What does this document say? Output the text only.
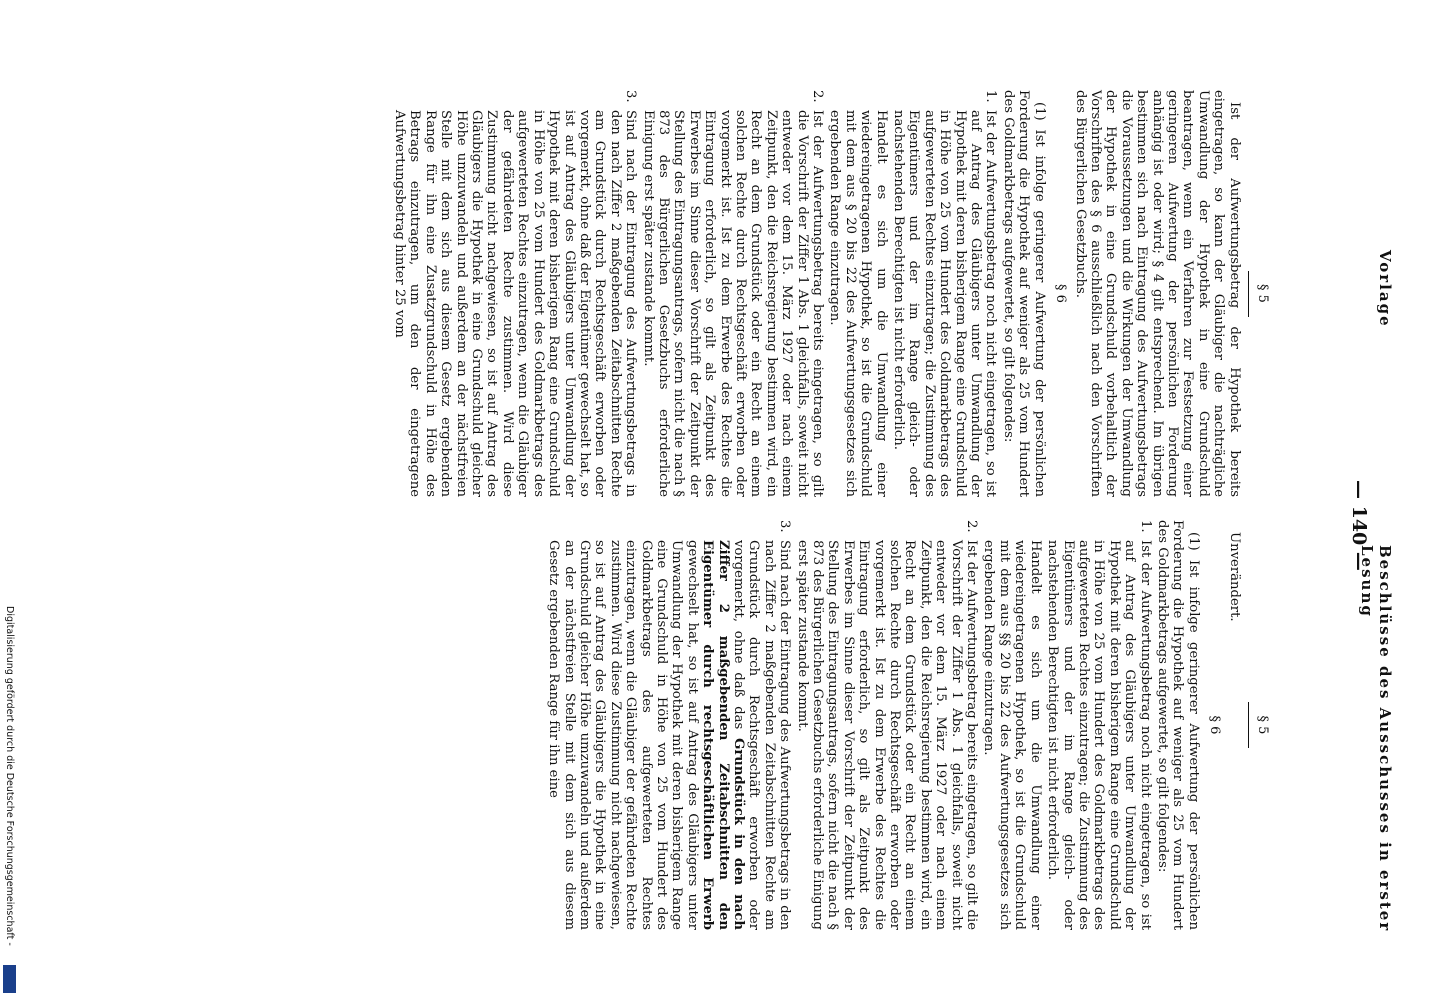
— 140 —
Vorlage
Beschlüsse des Ausschusses in erster Lesung
§ 5

Ist der Aufwertungsbetrag der Hypothek bereits eingetragen, so kann der Gläubiger die nachträgliche Umwandlung der Hypothek in eine Grundschuld beantragen, wenn ein Verfahren zur Festsetzung einer geringeren Aufwertung der persönlichen Forderung anhängig ist oder wird; § 4 gilt entsprechend. Im übrigen bestimmen sich nach Eintragung des Aufwertungsbetrags die Voraussetzungen und die Wirkungen der Umwandlung der Hypothek in eine Grundschuld vorbehaltlich der Vorschriften des § 6 ausschließlich nach den Vorschriften des Bürgerlichen Gesetzbuchs.

§ 6

(1) Ist infolge geringerer Aufwertung der persönlichen Forderung die Hypothek auf weniger als 25 vom Hundert des Goldmarkbetrags aufgewertet, so gilt folgendes:

1.
Ist der Aufwertungsbetrag noch nicht eingetragen, so ist auf Antrag des Gläubigers unter Umwandlung der Hypothek mit deren bisherigem Range eine Grundschuld in Höhe von 25 vom Hundert des Goldmarkbetrags des aufgewerteten Rechtes einzutragen; die Zustimmung des Eigentümers und der im Range gleich- oder nachstehenden Berechtigten ist nicht erforderlich.
Handelt es sich um die Umwandlung einer wiedereingetragenen Hypothek, so ist die Grundschuld mit dem aus § 20 bis 22 des Aufwertungsgesetzes sich ergebenden Range einzutragen.
2.
Ist der Aufwertungsbetrag bereits eingetragen, so gilt die Vorschrift der Ziffer 1 Abs. 1 gleichfalls, soweit nicht entweder vor dem 15. März 1927 oder nach einem Zeitpunkt, den die Reichsregierung bestimmen wird, ein Recht an dem Grundstück oder ein Recht an einem solchen Rechte durch Rechtsgeschäft erworben oder vorgemerkt ist. Ist zu dem Erwerbe des Rechtes die Eintragung erforderlich, so gilt als Zeitpunkt des Erwerbes im Sinne dieser Vorschrift der Zeitpunkt der Stellung des Eintragungsantrags, sofern nicht die nach § 873 des Bürgerlichen Gesetzbuchs erforderliche Einigung erst später zustande kommt.
3.
Sind nach der Eintragung des Aufwertungsbetrags in den nach Ziffer 2 maßgebenden Zeitabschnitten Rechte am Grundstück durch Rechtsgeschäft erworben oder vorgemerkt, ohne daß der Eigentümer gewechselt hat, so ist auf Antrag des Gläubigers unter Umwandlung der Hypothek mit deren bisherigem Rang eine Grundschuld in Höhe von 25 vom Hundert des Goldmarkbetrags des aufgewerteten Rechtes einzutragen, wenn die Gläubiger der gefährdeten Rechte zustimmen. Wird diese Zustimmung nicht nachgewiesen, so ist auf Antrag des Gläubigers die Hypothek in eine Grundschuld gleicher Höhe umzuwandeln und außerdem an der nächstfreien Stelle mit dem sich aus diesem Gesetz ergebenden Range für ihn eine Zusatzgrundschuld in Höhe des Betrags einzutragen, um den der eingetragene Aufwertungsbetrag hinter 25 vom
§ 5

Unverändert.

§ 6

(1) Ist infolge geringerer Aufwertung der persönlichen Forderung die Hypothek auf weniger als 25 vom Hundert des Goldmarkbetrags aufgewertet, so gilt folgendes:

1.
Ist der Aufwertungsbetrag noch nicht eingetragen, so ist auf Antrag des Gläubigers unter Umwandlung der Hypothek mit deren bisherigem Range eine Grundschuld in Höhe von 25 vom Hundert des Goldmarkbetrags des aufgewerteten Rechtes einzutragen; die Zustimmung des Eigentümers und der im Range gleich- oder nachstehenden Berechtigten ist nicht erforderlich.
Handelt es sich um die Umwandlung einer wiedereingetragenen Hypothek, so ist die Grundschuld mit dem aus §§ 20 bis 22 des Aufwertungsgesetzes sich ergebenden Range einzutragen.
2.
Ist der Aufwertungsbetrag bereits eingetragen, so gilt die Vorschrift der Ziffer 1 Abs. 1 gleichfalls, soweit nicht entweder vor dem 15. März 1927 oder nach einem Zeitpunkt, den die Reichsregierung bestimmen wird, ein Recht an dem Grundstück oder ein Recht an einem solchen Rechte durch Rechtsgeschäft erworben oder vorgemerkt ist. Ist zu dem Erwerbe des Rechtes die Eintragung erforderlich, so gilt als Zeitpunkt des Erwerbes im Sinne dieser Vorschrift der Zeitpunkt der Stellung des Eintragungsantrags, sofern nicht die nach § 873 des Bürgerlichen Gesetzbuchs erforderliche Einigung erst später zustande kommt.
3.
Sind nach der Eintragung des Aufwertungsbetrags in den nach Ziffer 2 maßgebenden Zeitabschnitten Rechte am Grundstück durch Rechtsgeschäft erworben oder vorgemerkt, ohne daß das Grundstück in den nach Ziffer 2 maßgebenden Zeitabschnitten den Eigentümer durch rechtsgeschäftlichen Erwerb gewechselt hat, so ist auf Antrag des Gläubigers unter Umwandlung der Hypothek mit deren bisherigem Range eine Grundschuld in Höhe von 25 vom Hundert des Goldmarkbetrags des aufgewerteten Rechtes einzutragen, wenn die Gläubiger der gefährdeten Rechte zustimmen. Wird diese Zustimmung nicht nachgewiesen, so ist auf Antrag des Gläubigers die Hypothek in eine Grundschuld gleicher Höhe umzuwandeln und außerdem an der nächstfreien Stelle mit dem sich aus diesem Gesetz ergebenden Range für ihn eine
Digitalisierung gefördert durch die Deutsche Forschungsgemeinschaft -
